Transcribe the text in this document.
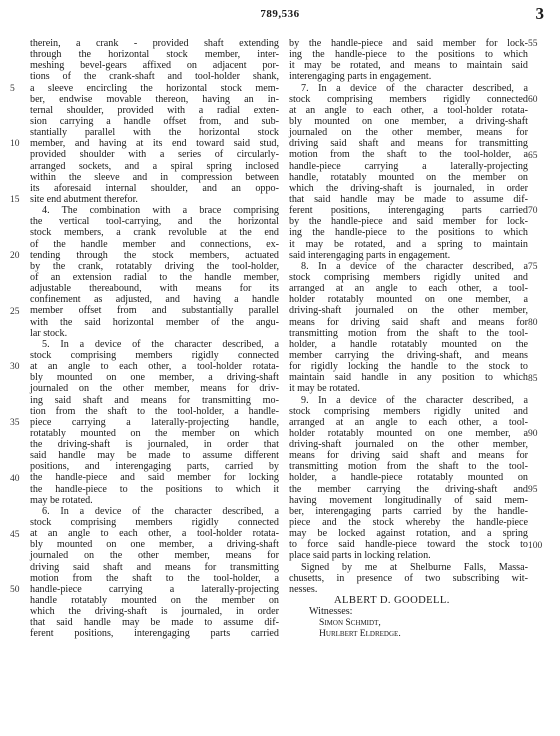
789,536	3
therein, a crank - provided shaft extending
through the horizontal stock member, inter-
meshing bevel-gears affixed on adjacent por-
tions of the crank-shaft and tool-holder shank,
a sleeve encircling the horizontal stock mem-
ber, endwise movable thereon, having an in-
ternal shoulder, provided with a radial exten-
sion carrying a handle offset from, and sub-
stantially parallel with the horizontal stock
member, and having at its end toward said stud,
provided shoulder with a series of circularly-
arranged sockets, and a spiral spring inclosed
within the sleeve and in compression between
its aforesaid internal shoulder, and an oppo-
site end abutment therefor.
4. The combination with a brace comprising
the vertical tool-carrying, and the horizontal
stock members, a crank revoluble at the end
of the handle member and connections, ex-
tending through the stock members, actuated
by the crank, rotatably driving the tool-holder,
of an extension radial to the handle member,
adjustable thereabound, with means for its
confinement as adjusted, and having a handle
member offset from and substantially parallel
with the said horizontal member of the angu-
lar stock.
5. In a device of the character described, a
stock comprising members rigidly connected
at an angle to each other, a tool-holder rotata-
bly mounted on one member, a driving-shaft
journaled on the other member, means for driv-
ing said shaft and means for transmitting mo-
tion from the shaft to the tool-holder, a handle-
piece carrying a laterally-projecting handle,
rotatably mounted on the member on which
the driving-shaft is journaled, in order that
said handle may be made to assume different
positions, and interengaging parts, carried by
the handle-piece and said member for locking
the handle-piece to the positions to which it
may be rotated.
6. In a device of the character described, a
stock comprising members rigidly connected
at an angle to each other, a tool-holder rotata-
bly mounted on one member, a driving-shaft
journaled on the other member, means for
driving said shaft and means for transmitting
motion from the shaft to the tool-holder, a
handle-piece carrying a laterally-projecting
handle rotatably mounted on the member on
which the driving-shaft is journaled, in order
that said handle may be made to assume dif-
ferent positions, interengaging parts carried
by the handle-piece and said member for lock-
ing the handle-piece to the positions to which
it may be rotated, and means to maintain said
interengaging parts in engagement.
7. In a device of the character described, a
stock comprising members rigidly connected
at an angle to each other, a tool-holder rotata-
bly mounted on one member, a driving-shaft
journaled on the other member, means for
driving said shaft and means for transmitting
motion from the shaft to the tool-holder, a
handle-piece carrying a laterally-projecting
handle, rotatably mounted on the member on
which the driving-shaft is journaled, in order
that said handle may be made to assume dif-
ferent positions, interengaging parts carried
by the handle-piece and said member for lock-
ing the handle-piece to the positions to which
it may be rotated, and a spring to maintain
said interengaging parts in engagement.
8. In a device of the character described, a
stock comprising members rigidly united and
arranged at an angle to each other, a tool-
holder rotatably mounted on one member, a
driving-shaft journaled on the other member,
means for driving said shaft and means for
transmitting motion from the shaft to the tool-
holder, a handle rotatably mounted on the
member carrying the driving-shaft, and means
for rigidly locking the handle to the stock to
maintain said handle in any position to which
it may be rotated.
9. In a device of the character described, a
stock comprising members rigidly united and
arranged at an angle to each other, a tool-
holder rotatably mounted on one member, a
driving-shaft journaled on the other member,
means for driving said shaft and means for
transmitting motion from the shaft to the tool-
holder, a handle-piece rotatably mounted on
the member carrying the driving-shaft and
having movement longitudinally of said mem-
ber, interengaging parts carried by the handle-
piece and the stock whereby the handle-piece
may be locked against rotation, and a spring
to force said handle-piece toward the stock to
place said parts in locking relation.
Signed by me at Shelburne Falls, Massa-
chusetts, in presence of two subscribing wit-
nesses.
ALBERT D. GOODELL.
Witnesses:
Simon Schmidt,
Hurlbert Eldredge.
5
10
15
20
25
30
35
40
45
50
55
60
65
70
75
80
85
90
95
100
